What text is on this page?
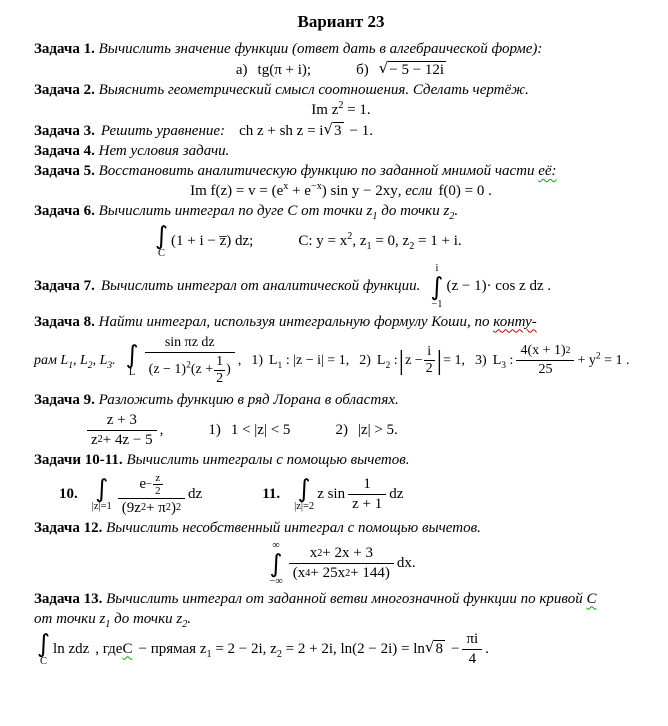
Вариант 23

Задача 1. Вычислить значение функции (ответ дать в алгебраической форме):

а) tg(π + i);	б) √ − 5 − 12i

Задача 2. Выяснить геометрический смысл соотношения. Сделать чертёж.

Im $z^2 = 1$.
Задача 3. Решить уравнение: ch z + sh z = i √ 3 − 1.

Задача 4. Нет условия задачи.

Задача 5. Восстановить аналитическую функцию по заданной мнимой части её:

Im $f(z) = v = (e^x + e^{-x})$ sin y − 2xy , если f(0) = 0 .

Задача 6. Вычислить интеграл по дуге C от точки $z_1$ до точки $z_2$.

∫
C
(1 + i − z̅) dz;	C: $y = x^2$, $z_1 = 0$, $z_2 = 1 + i$.
Задача 7. Вычислить интеграл от аналитической функции.
i
∫
−1
(z − 1)· cos z dz .

Задача 8. Найти интеграл, используя интегральную формулу Коши, по конту-

рам $L_1$, $L_2$, $L_3$. ∫
L $\frac{\text{sin πz dz}}{(z - 1)^2(z + \frac{1}{2} )}$ , 1) $L_1$ : |z − i| = 1, 2) $L_2$ : | $z - \frac{i}{2}$ | = 1, 3) $L_3$ : $\frac{4(x + 1) 2}{25} + y^2 = 1$ .

Задача 9. Разложить функцию в ряд Лорана в областях.

$\frac{z + 3}{z 2 + 4z - 5}$ ,	1) 1 < |z| < 5	2) |z| > 5.

Задачи 10-11. Вычислить интегралы с помощью вычетов.

10. ∫
$|z|=1 \frac{e - \frac{z}{2}}{(9z 2 + \pi 2 ) 2}$ dz	11. ∫
|z|=2
z $\sin \frac{1}{z + 1}$ dz

Задача 12. Вычислить несобственный интеграл с помощью вычетов.

∞
∫
−∞ $\frac{x 2 + 2x + 3}{(x 4 + 25x 2 + 144)}$ dx.

Задача 13. Вычислить интеграл от заданной ветви многозначной функции по кривой C

от точки $z_1$ до точки $z_2$.

∫
C
ln zdz , где C − прямая $z_1 = 2 - 2i$, $z_2 = 2 + 2i$, ln(2 − 2i) = ln √ $8 - \frac{\pi i}{4}$ .
